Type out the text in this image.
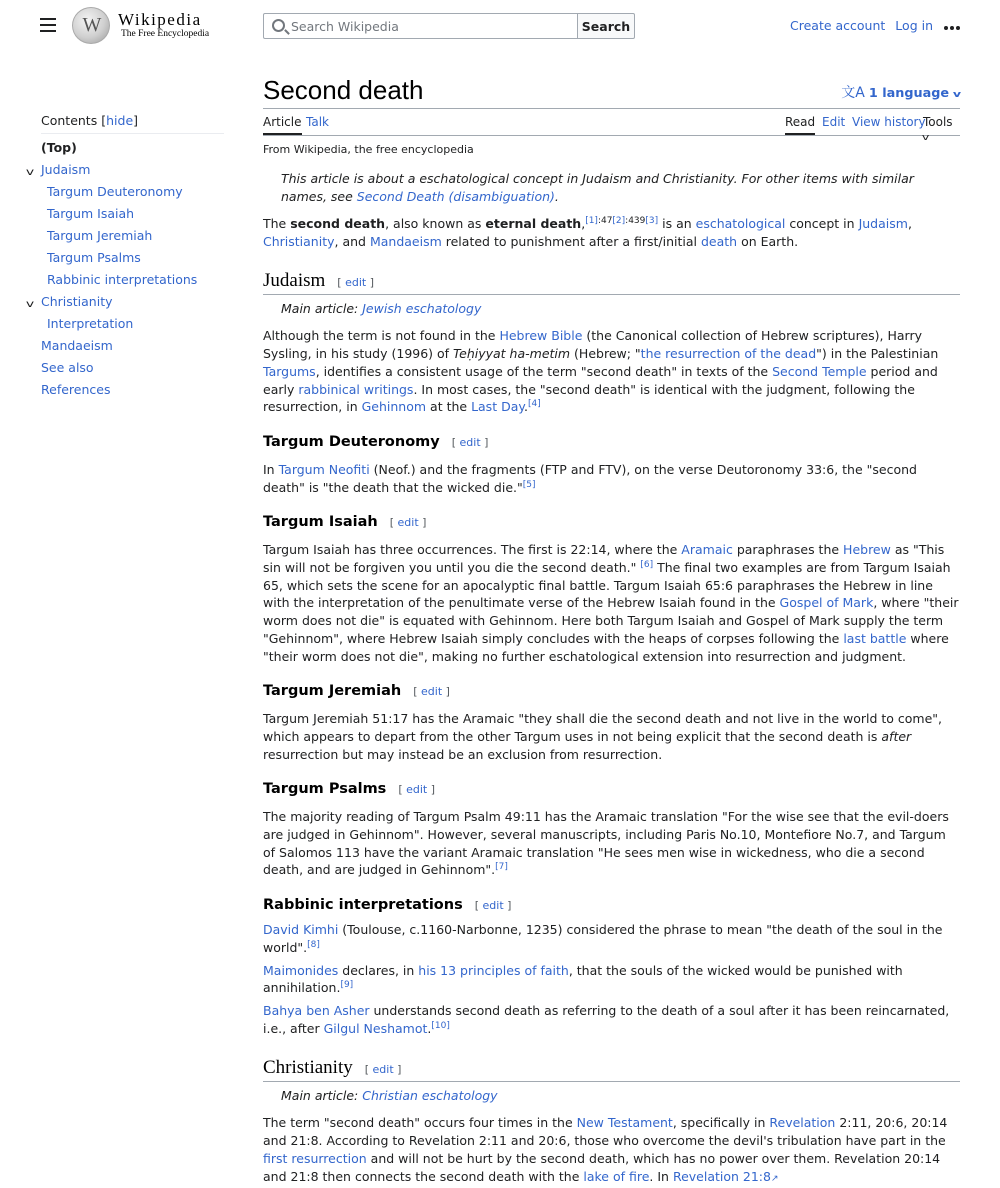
W Wikipedia
The Free Encyclopedia
Search Wikipedia
Search	Create account Log in
Contents [hide]
(Top)
v Judaism
Targum Deuteronomy
Targum Isaiah
Targum Jeremiah
Targum Psalms
Rabbinic interpretations
v Christianity
Interpretation
Mandaeism
See also
References
Second death	文A 1 language v
Article Talk	Read Edit View history
Tools v
From Wikipedia, the free encyclopedia
This article is about a eschatological concept in Judaism and Christianity. For other items with similar names, see Second Death (disambiguation).

The second death, also known as eternal death,[1]:47[2]:439[3] is an eschatological concept in Judaism, Christianity, and Mandaeism related to punishment after a first/initial death on Earth.

Judaism [ edit ]
Main article: Jewish eschatology

Although the term is not found in the Hebrew Bible (the Canonical collection of Hebrew scriptures), Harry Sysling, in his study (1996) of Teḥiyyat ha-metim (Hebrew; "the resurrection of the dead") in the Palestinian Targums, identifies a consistent usage of the term "second death" in texts of the Second Temple period and early rabbinical writings. In most cases, the "second death" is identical with the judgment, following the resurrection, in Gehinnom at the Last Day.[4]

Targum Deuteronomy [ edit ]

In Targum Neofiti (Neof.) and the fragments (FTP and FTV), on the verse Deutoronomy 33:6, the "second death" is "the death that the wicked die."[5]

Targum Isaiah [ edit ]

Targum Isaiah has three occurrences. The first is 22:14, where the Aramaic paraphrases the Hebrew as "This sin will not be forgiven you until you die the second death." [6] The final two examples are from Targum Isaiah 65, which sets the scene for an apocalyptic final battle. Targum Isaiah 65:6 paraphrases the Hebrew in line with the interpretation of the penultimate verse of the Hebrew Isaiah found in the Gospel of Mark, where "their worm does not die" is equated with Gehinnom. Here both Targum Isaiah and Gospel of Mark supply the term "Gehinnom", where Hebrew Isaiah simply concludes with the heaps of corpses following the last battle where "their worm does not die", making no further eschatological extension into resurrection and judgment.

Targum Jeremiah [ edit ]

Targum Jeremiah 51:17 has the Aramaic "they shall die the second death and not live in the world to come", which appears to depart from the other Targum uses in not being explicit that the second death is after resurrection but may instead be an exclusion from resurrection.

Targum Psalms [ edit ]

The majority reading of Targum Psalm 49:11 has the Aramaic translation "For the wise see that the evil-doers are judged in Gehinnom". However, several manuscripts, including Paris No.10, Montefiore No.7, and Targum of Salomos 113 have the variant Aramaic translation "He sees men wise in wickedness, who die a second death, and are judged in Gehinnom".[7]

Rabbinic interpretations [ edit ]

David Kimhi (Toulouse, c.1160-Narbonne, 1235) considered the phrase to mean "the death of the soul in the world".[8]

Maimonides declares, in his 13 principles of faith, that the souls of the wicked would be punished with annihilation.[9]

Bahya ben Asher understands second death as referring to the death of a soul after it has been reincarnated, i.e., after Gilgul Neshamot.[10]

Christianity [ edit ]
Main article: Christian eschatology

The term "second death" occurs four times in the New Testament, specifically in Revelation 2:11, 20:6, 20:14 and 21:8. According to Revelation 2:11 and 20:6, those who overcome the devil's tribulation have part in the first resurrection and will not be hurt by the second death, which has no power over them. Revelation 20:14 and 21:8 then connects the second death with the lake of fire. In Revelation 21:8↗
